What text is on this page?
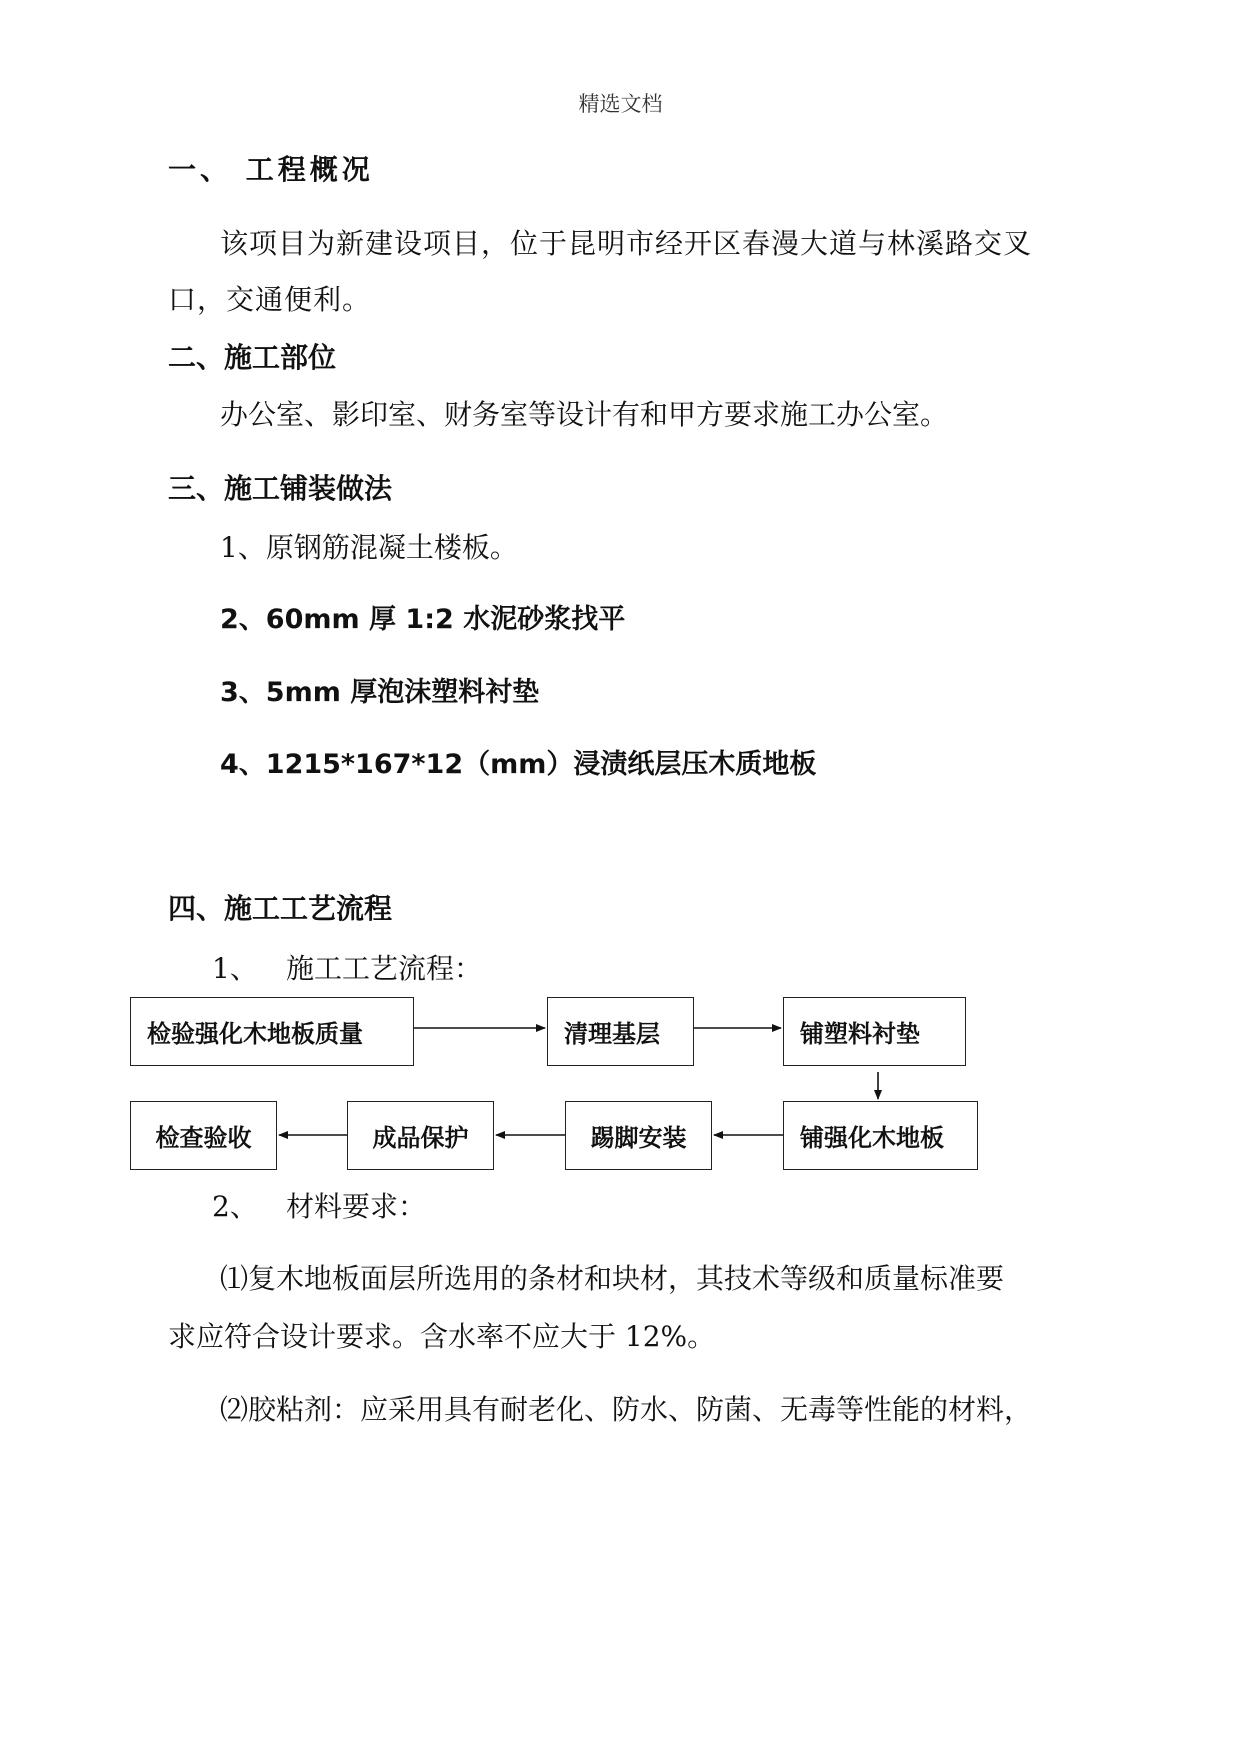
精选文档
一、 工程概况
该项目为新建设项目，位于昆明市经开区春漫大道与林溪路交叉
口，交通便利。
二、施工部位
办公室、影印室、财务室等设计有和甲方要求施工办公室。
三、施工铺装做法
1、原钢筋混凝土楼板。
2、60mm 厚 1:2 水泥砂浆找平
3、5mm 厚泡沫塑料衬垫
4、1215*167*12（mm）浸渍纸层压木质地板
四、施工工艺流程
1、 施工工艺流程：
检验强化木地板质量	清理基层	铺塑料衬垫
检查验收	成品保护	踢脚安装	铺强化木地板
2、 材料要求：
⑴复木地板面层所选用的条材和块材，其技术等级和质量标准要
求应符合设计要求。含水率不应大于 12%。
⑵胶粘剂：应采用具有耐老化、防水、防菌、无毒等性能的材料，
